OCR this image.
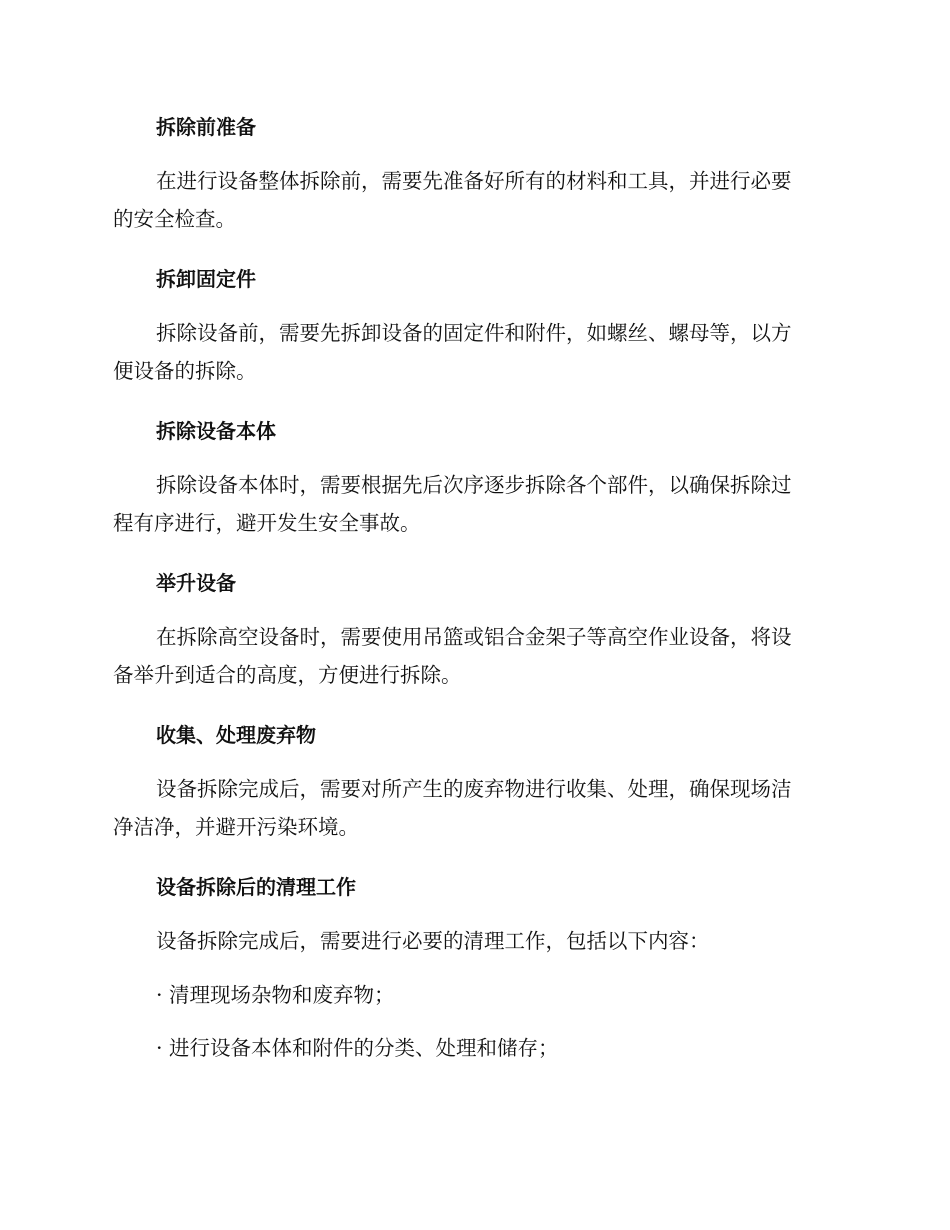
拆除前准备
在进行设备整体拆除前，需要先准备好所有的材料和工具，并进行必要
的安全检查。
拆卸固定件
拆除设备前，需要先拆卸设备的固定件和附件，如螺丝、螺母等，以方
便设备的拆除。
拆除设备本体
拆除设备本体时，需要根据先后次序逐步拆除各个部件，以确保拆除过
程有序进行，避开发生安全事故。
举升设备
在拆除高空设备时，需要使用吊篮或铝合金架子等高空作业设备，将设
备举升到适合的高度，方便进行拆除。
收集、处理废弃物
设备拆除完成后，需要对所产生的废弃物进行收集、处理，确保现场洁
净洁净，并避开污染环境。
设备拆除后的清理工作

设备拆除完成后，需要进行必要的清理工作，包括以下内容：

· 清理现场杂物和废弃物；

· 进行设备本体和附件的分类、处理和储存；
